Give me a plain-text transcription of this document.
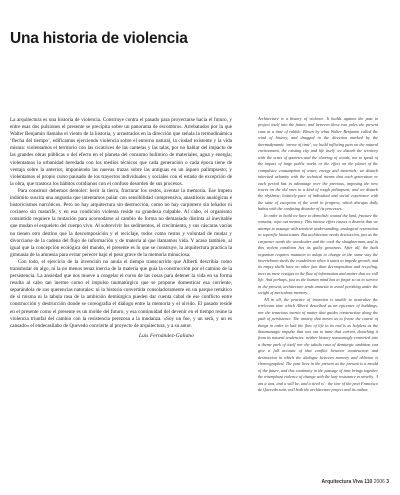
Una historia de violencia

La arquitectura es una historia de violencia. Construye contra el pasado para proyectarse hacia el futuro, y entre esas dos pulsiones el presente se precipita sobre un panorama de escombros. Arrebatados por la que Walter Benjamin llamaba el viento de la historia, y arrastrados en la dirección que señala la termodinámica ‘flecha del tiempo’, edificamos ejerciendo violencia sobre el entorno natural, la ciudad existente y la vida misma: violentamos el territorio con las cicatrices de las canteras y las talas, por no hablar del impacto de las grandes obras públicas o del efecto en el planeta del consumo bulímico de materiales, agua y energía; violentamos la urbanidad heredada con los medios técnicos que cada generación o cada época tiene de ventaja sobre la anterior, imponiendo las nuevas trazas sobre las antiguas en un ásparo palimpsesto; y violentamos el propio curso pausado de los trayectos individuales y sociales con el estado de excepción de la obra, que trastoca los hábitos cotidianos con el confuso desorden de sus procesos.

Para construir debemos demoler: herir la tierra, fracturar los restos, aventar la memoria. Ese ímpetu indómito suscita una angustia que intentamos paliar con sensibilidad comprensiva, anastilosis analógicas e historicismos narcóticos. Pero no hay arquitectura sin destrucción, como no hay carpintero sin leñador ni cocinero sin matarife, y en esa condición violenta reside su grandeza culpable. Al cabo, el organismo consintido requiere la mutación para acomodarse al cambio de forma no demasiado distinta al inevitable que mudan el esqueleto del cuerpo vivo. Al sobrevivir los sedimentos, el crecimiento, y sus cáscaras vacías no tienen otro destino que la descomposición y el reciclaje, todos como restos y voluntad de mudar y divorciarse de la cadena del flujo de información y de materia al que llamamos vida. Y acaso también, al igual que la concepción ecológica del mundo, el presente es lo que se construye, la arquitectura practica la gimnasia de la amnesia para evitar perecer bajo el peso grave de la memoria minuciosa.

Con todo, el ejercicio de la invención no anula el tiempo transcurrido que Alberti describía como transmutar en algo, ni la no menos tenaz inercia de la materia que guía la construcción por el camino de la persistencia. La ansiedad que nos mueve a congelar el curso de las cosas para detener la vida en su forma resulta al cabo tan inerme como el impulso taumatúrgico que se propone domesticar esa corriente, separándola de sus querencias naturales: ni la historia convertida consoladoramente en un parque temático de sí misma ni la tabula rasa de la ambición demiúrgica pueden dar cuenta cabal de ese conflicto entre construcción y destrucción donde se coreografía el diálogo entre la memoria y el olvido. El pasado reside en el presente como el presente es un molde del futuro, y esa continuidad del devenir en el tiempo reúne la violencia triunfal del cambio con la resistencia perezosa a la mudanza. «Soy un fue, y un será, y un es cansado» el endecasílabo de Quevedo convierte al proyecto de arquitectura, y a su autor.

Luis Fernández-Galiano

Architecture is a history of violence. It builds against the past to project itself into the future, and between these two poles the present runs at a time of rubble. Blown by what Walter Benjamin called the wind of history, and dragged in the direction marked by the thermodynamic ‘arrow of time’, we build inflicting pain on the natural environment, the existing city and life itself: we disturb the territory with the scars of quarries and the clearing of woods, not to speak of the impact of large public works or the effect on the planet of the compulsive consumption of water, energy and materials; we disturb inherited urbanity with the technical means that each generation or each period has in advantage over the previous, imposing the new traces on the old ones in a kind of rough palimpsest; and we disturb the rhythmic, leisurely pace of individual and social experience with the state of exception of the work in progress, which disrupts daily habits with the confusing disorder of its processes.

In order to build we have to demolish: wound the land, fracture the remains, wipe out memory. This intense effort causes a distress that we attempt to assuage with sensitive understanding, analogical restoration or soporific historicisms. But architecture needs destruction, just as the carpenter needs the woodcutter and the cook the slaughterman, and in this violent condition lies its guilty greatness. After all, the built organism requires mutation to adapt to change in the same way the invertebrate sheds the exoskeleton when it starts to impede growth, and its empty shells have no other fate than decomposition and recycling, inert as mere vestiges in the flow of information and matter that we call life. And perhaps, just as the human mind has to forget so as to survive in the present, architecture tends amnesia to avoid perishing under the weight of meticulous memory.

All in all, the practice of invention is unable to neutralize the irrelevant time which Alberti described as an epicenter of buildings, nor the tenacious inertia of matter that guides construction along the path of persistence. The anxiety that moves us to freeze the course of things in order to halt the flow of life in its end is as helpless as the thaumaturgic impulse that sets out to tame that current, detaching it from its natural tendencies: neither history reassuringly converted into a theme park of itself nor the tabula rasa of demiurgic ambition can give a full account of that conflict between construction and destruction in which the dialogue between memory and oblivion is choreographed. The past lives in the present as the present is a mould of the future, and this continuity in the passage of time brings together the triumphant violence of change with the lazy resistance to novelty. ‘I am a was, and a will be, and a tired is’: the line of the poet Francisco de Quevedo suits well both the architecture project and its author.

Arquitectura Viva 110 2006 3
